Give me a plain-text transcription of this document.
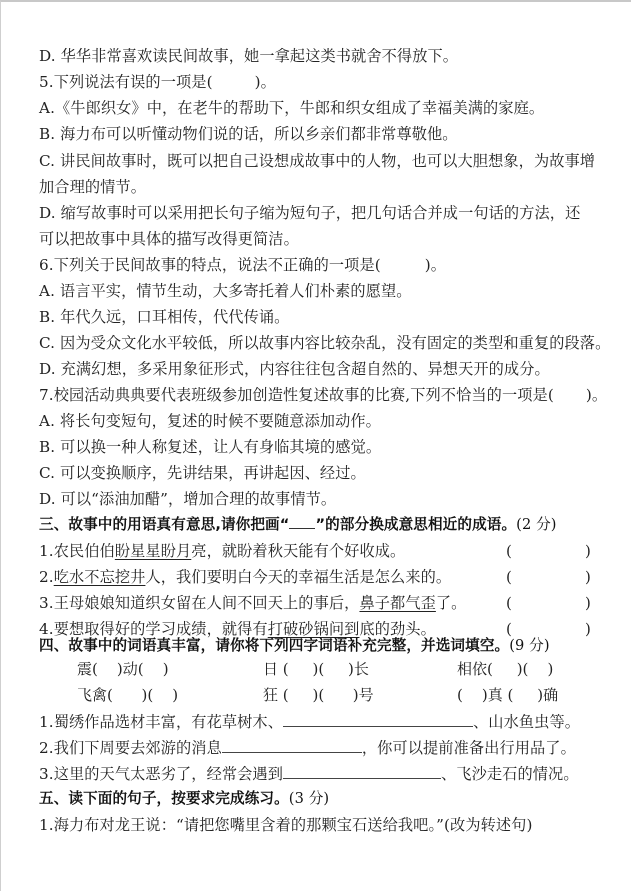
D. 华华非常喜欢读民间故事，她一拿起这类书就舍不得放下。
5.下列说法有误的一项是(	)。
A.《牛郎织女》中，在老牛的帮助下，牛郎和织女组成了幸福美满的家庭。
B. 海力布可以听懂动物们说的话，所以乡亲们都非常尊敬他。
C. 讲民间故事时，既可以把自己设想成故事中的人物，也可以大胆想象，为故事增
加合理的情节。
D. 缩写故事时可以采用把长句子缩为短句子，把几句话合并成一句话的方法，还
可以把故事中具体的描写改得更简洁。
6.下列关于民间故事的特点，说法不正确的一项是(	)。
A. 语言平实，情节生动，大多寄托着人们朴素的愿望。
B. 年代久远，口耳相传，代代传诵。
C. 因为受众文化水平较低，所以故事内容比较杂乱，没有固定的类型和重复的段落。
D. 充满幻想，多采用象征形式，内容往往包含超自然的、异想天开的成分。
7.校园活动典典要代表班级参加创造性复述故事的比赛,下列不恰当的一项是( )。
A. 将长句变短句，复述的时候不要随意添加动作。
B. 可以换一种人称复述，让人有身临其境的感觉。
C. 可以变换顺序，先讲结果，再讲起因、经过。
D. 可以“添油加醋”，增加合理的故事情节。
三、故事中的用语真有意思,请你把画“ ”的部分换成意思相近的成语。(2 分)
1.农民伯伯盼星星盼月亮，就盼着秋天能有个好收成。	(	)
2.吃水不忘挖井人，我们要明白今天的幸福生活是怎么来的。	(	)
3.王母娘娘知道织女留在人间不回天上的事后，鼻子都气歪了。	(	)
4.要想取得好的学习成绩，就得有打破砂锅问到底的劲头。	(	)
四、故事中的词语真丰富，请你将下列四字词语补充完整，并选词填空。(9 分)
震(    )动(    )	日 (     )(     )长	相依(     )(    )
飞禽(      )(    )	狂 (     )(      )号	(    )真 (     )确
1.蜀绣作品选材丰富，有花草树木、	、山水鱼虫等。
2.我们下周要去郊游的消息	，你可以提前准备出行用品了。
3.这里的天气太恶劣了，经常会遇到	、飞沙走石的情况。
五、读下面的句子，按要求完成练习。(3 分)
1.海力布对龙王说：“请把您嘴里含着的那颗宝石送给我吧。”(改为转述句)
